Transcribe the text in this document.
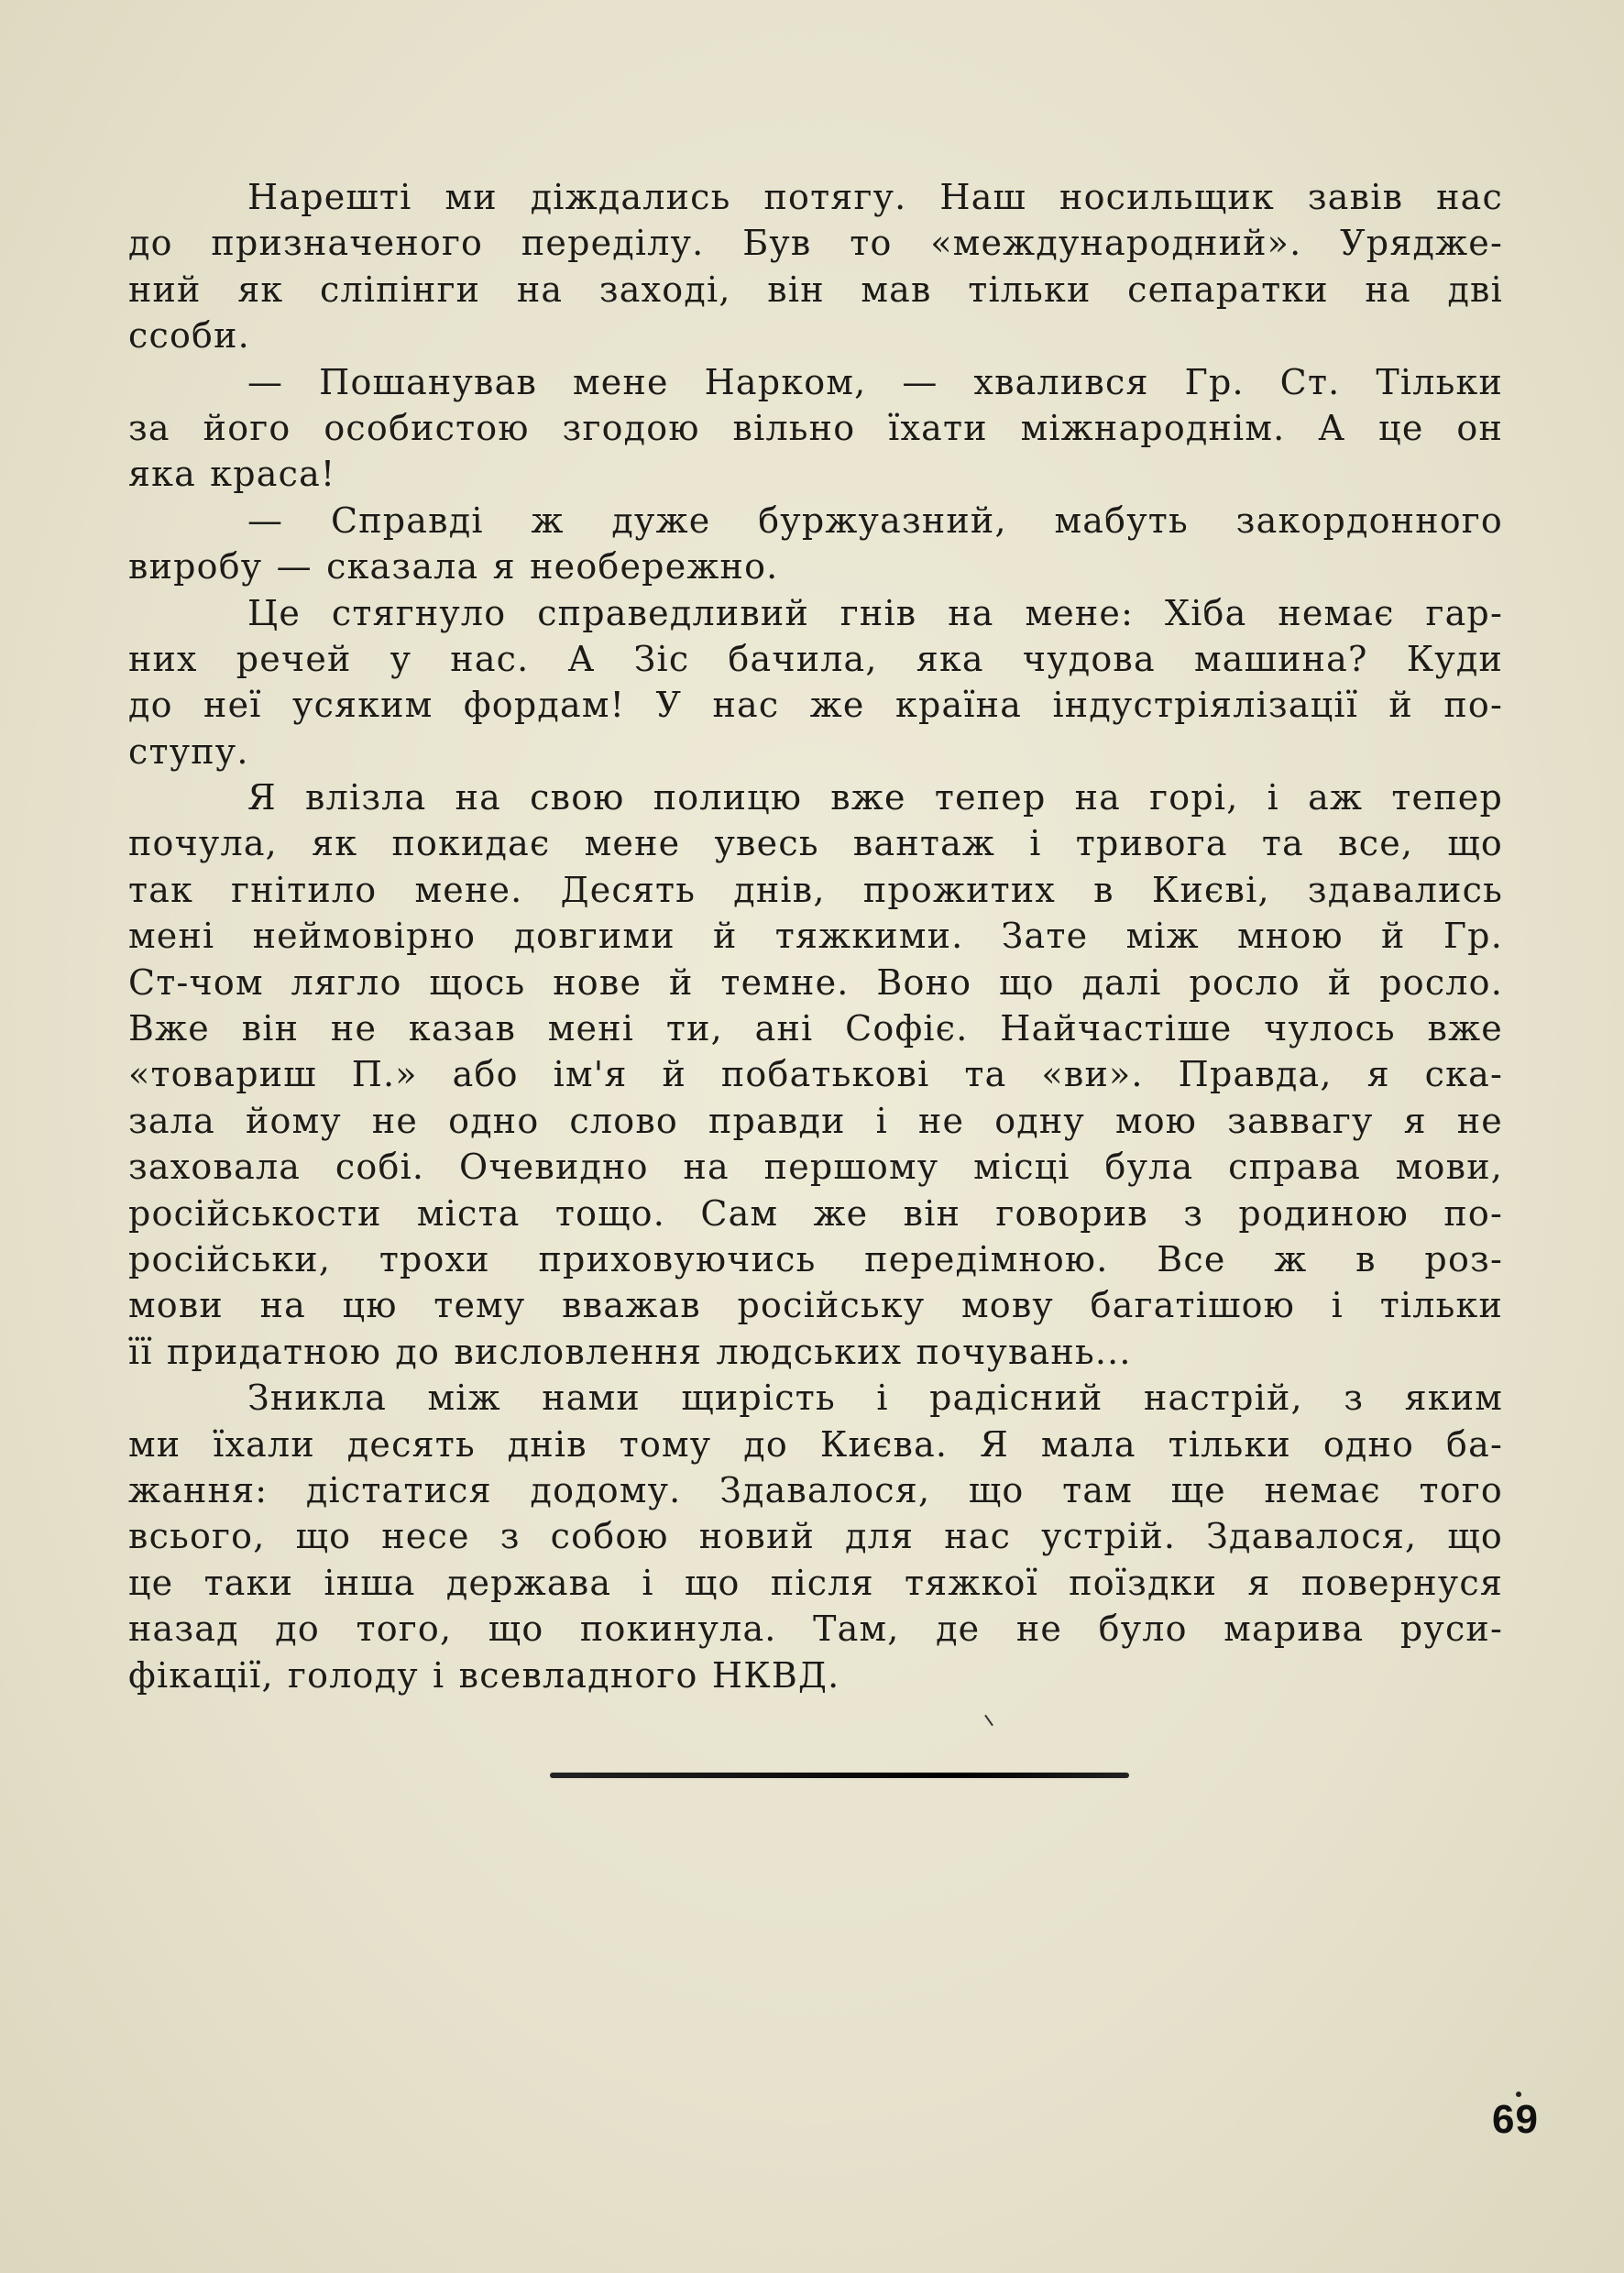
Нарешті ми діждались потягу. Наш носильщик завів нас
до призначеного переділу. Був то «международний». Урядже-
ний як сліпінги на заході, він мав тільки сепаратки на дві
ссоби.
— Пошанував мене Нарком, — хвалився Гр. Ст. Тільки
за його особистою згодою вільно їхати міжнароднім. А це он
яка краса!
— Справді ж дуже буржуазний, мабуть закордонного
виробу — сказала я необережно.
Це стягнуло справедливий гнів на мене: Хіба немає гар-
них речей у нас. А Зіс бачила, яка чудова машина? Куди
до неї усяким фордам! У нас же країна індустріялізації й по-
ступу.
Я влізла на свою полицю вже тепер на горі, і аж тепер
почула, як покидає мене увесь вантаж і тривога та все, що
так гнітило мене. Десять днів, прожитих в Києві, здавались
мені неймовірно довгими й тяжкими. Зате між мною й Гр.
Ст-чом лягло щось нове й темне. Воно що далі росло й росло.
Вже він не казав мені ти, ані Софіє. Найчастіше чулось вже
«товариш П.» або ім'я й побатькові та «ви». Правда, я ска-
зала йому не одно слово правди і не одну мою заввагу я не
заховала собі. Очевидно на першому місці була справа мови,
російськости міста тощо. Сам же він говорив з родиною по-
російськи, трохи приховуючись передімною. Все ж в роз-
мови на цю тему вважав російську мову багатішою і тільки
її придатною до висловлення людських почувань...
Зникла між нами щирість і радісний настрій, з яким
ми їхали десять днів тому до Києва. Я мала тільки одно ба-
жання: дістатися додому. Здавалося, що там ще немає того
всього, що несе з собою новий для нас устрій. Здавалося, що
це таки інша держава і що після тяжкої поїздки я повернуся
назад до того, що покинула. Там, де не було марива руси-
фікації, голоду і всевладного НКВД.
69
